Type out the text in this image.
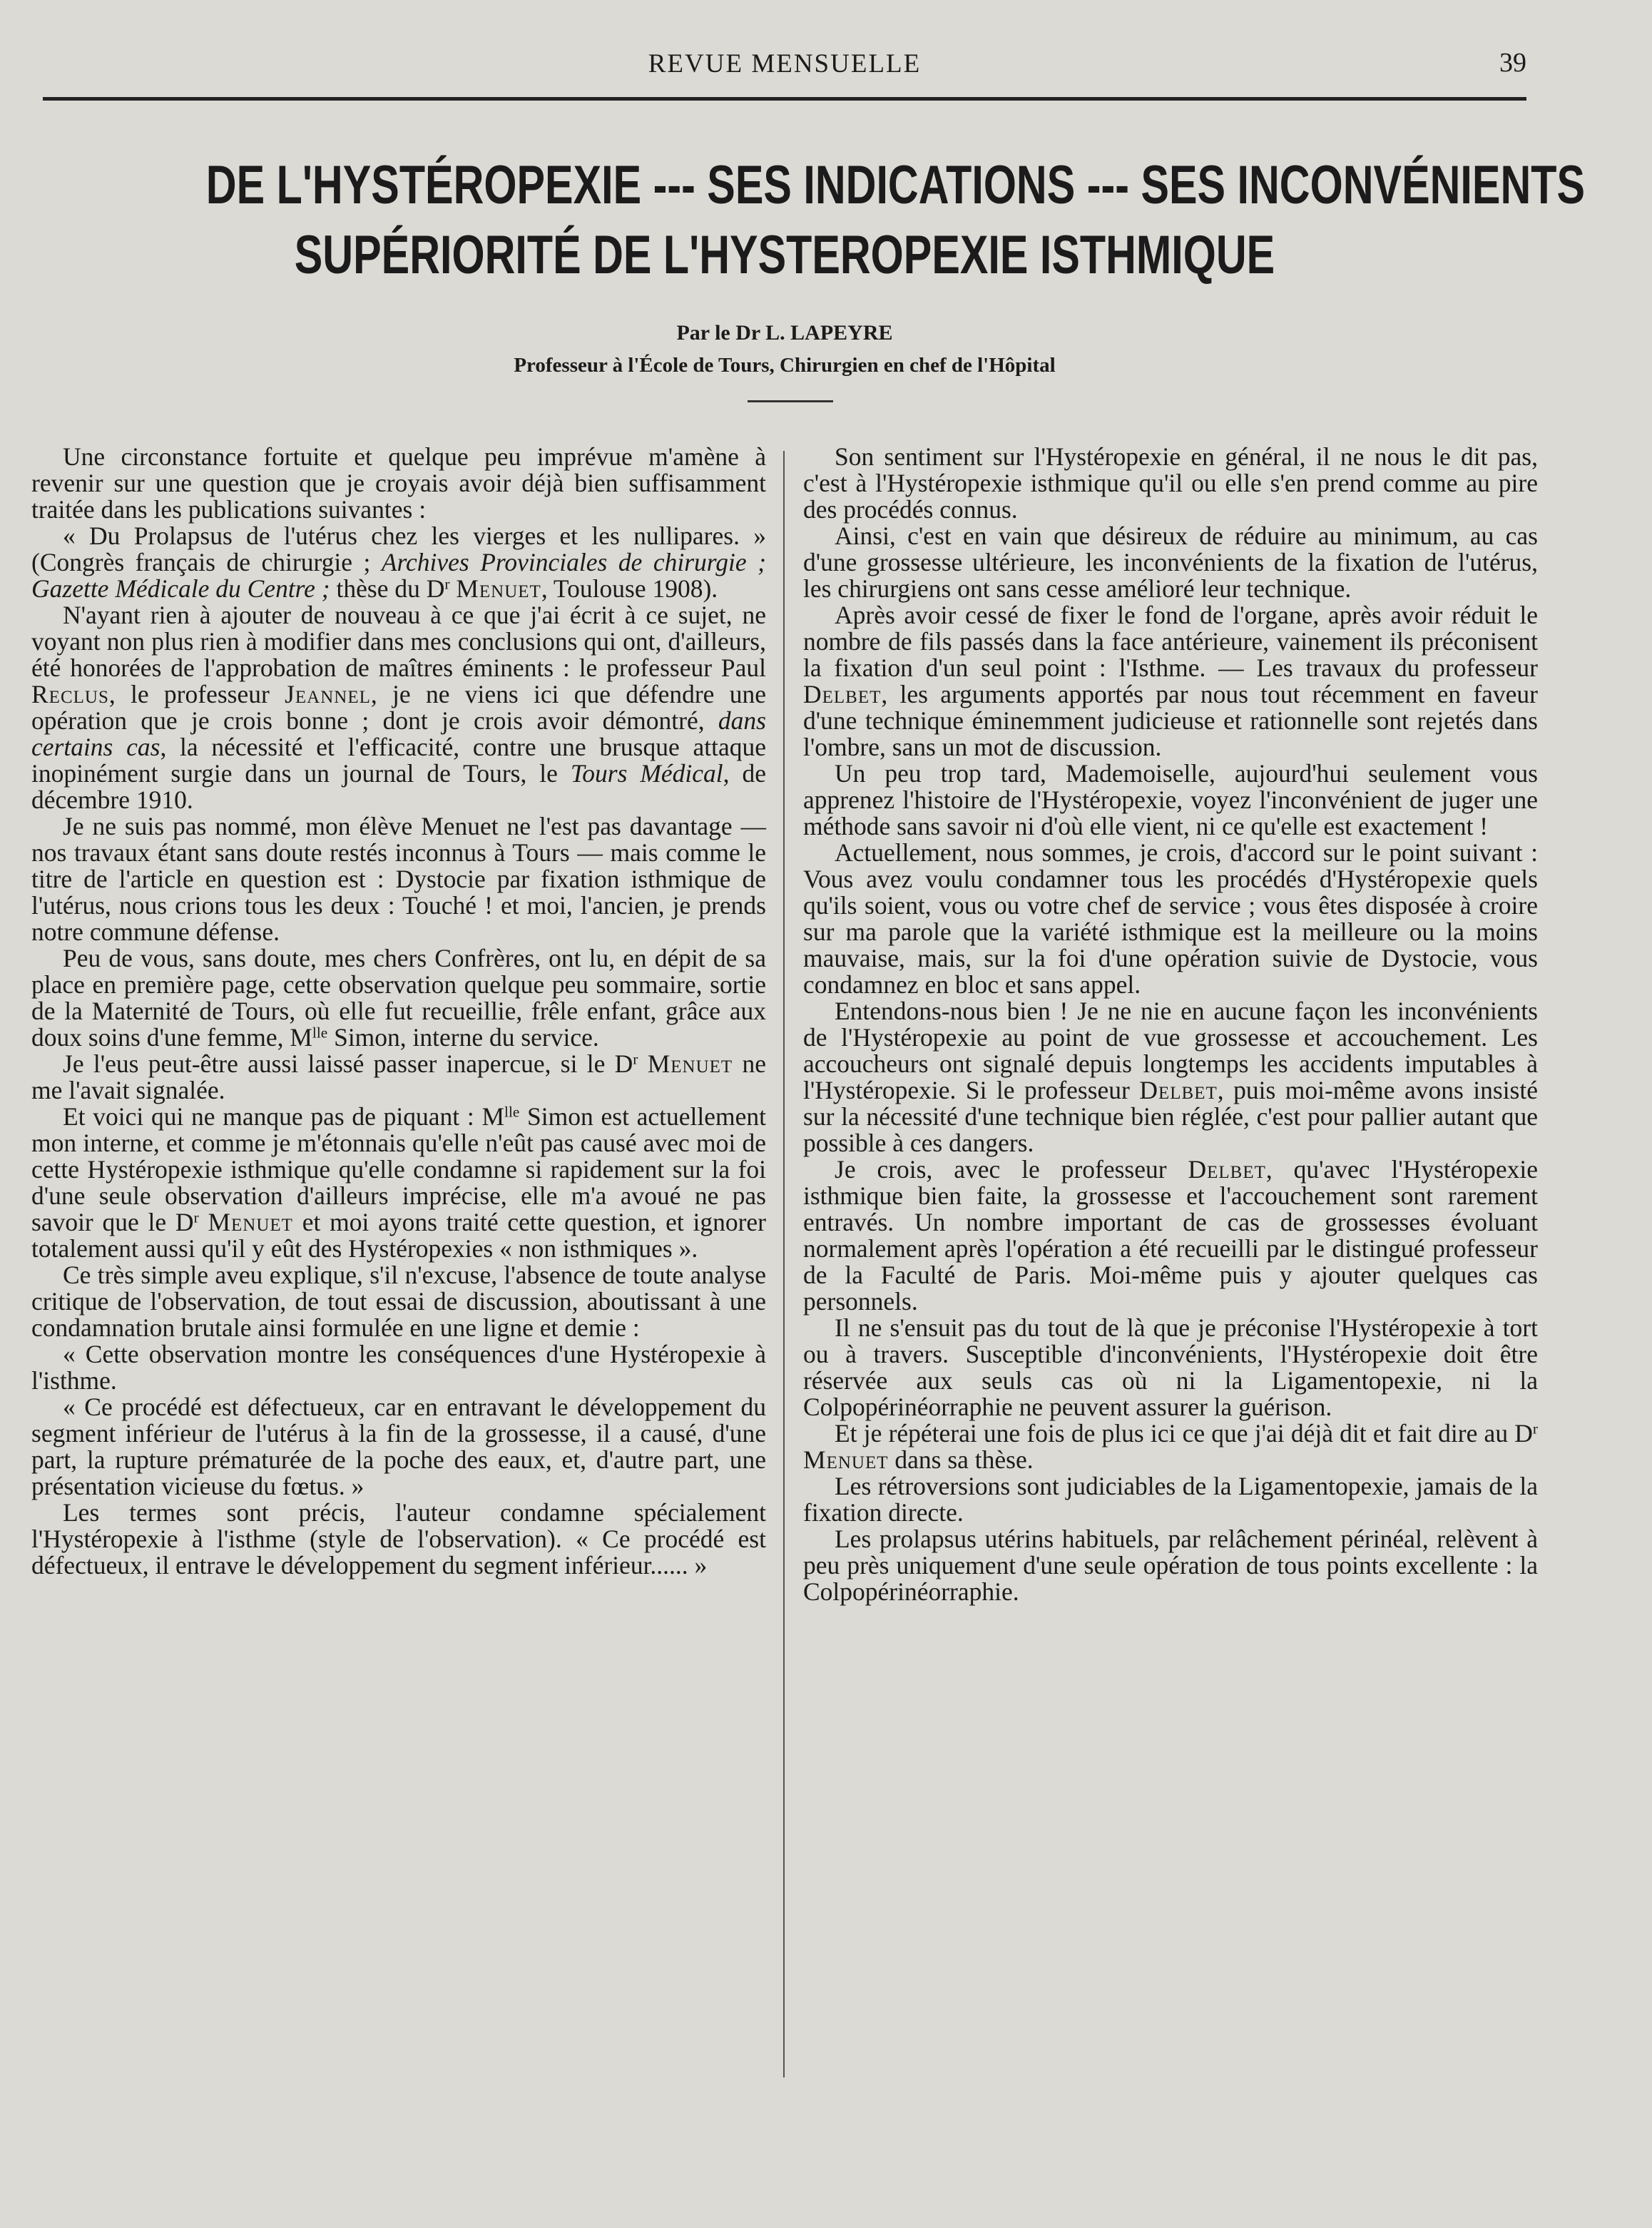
REVUE MENSUELLE	39
DE L'HYSTÉROPEXIE --- SES INDICATIONS --- SES INCONVÉNIENTS
SUPÉRIORITÉ DE L'HYSTEROPEXIE ISTHMIQUE
Par le Dr L. LAPEYRE
Professeur à l'École de Tours, Chirurgien en chef de l'Hôpital

Une circonstance fortuite et quelque peu imprévue m'amène à revenir sur une question que je croyais avoir déjà bien suffisamment traitée dans les publications suivantes :

« Du Prolapsus de l'utérus chez les vierges et les nullipares. » (Congrès français de chirurgie ; Archives Provinciales de chirurgie ; Gazette Médicale du Centre ; thèse du $D^r$ Menuet, Toulouse 1908).

N'ayant rien à ajouter de nouveau à ce que j'ai écrit à ce sujet, ne voyant non plus rien à modifier dans mes conclusions qui ont, d'ailleurs, été honorées de l'approbation de maîtres éminents : le professeur Paul Reclus, le professeur Jeannel, je ne viens ici que défendre une opération que je crois bonne ; dont je crois avoir démontré, dans certains cas, la nécessité et l'efficacité, contre une brusque attaque inopinément surgie dans un journal de Tours, le Tours Médical, de décembre 1910.

Je ne suis pas nommé, mon élève Menuet ne l'est pas davantage — nos travaux étant sans doute restés inconnus à Tours — mais comme le titre de l'article en question est : Dystocie par fixation isthmique de l'utérus, nous crions tous les deux : Touché ! et moi, l'ancien, je prends notre commune défense.

Peu de vous, sans doute, mes chers Confrères, ont lu, en dépit de sa place en première page, cette observation quelque peu sommaire, sortie de la Maternité de Tours, où elle fut recueillie, frêle enfant, grâce aux doux soins d'une femme, $M^{lle}$ Simon, interne du service.

Je l'eus peut-être aussi laissé passer inapercue, si le $D^r$ Menuet ne me l'avait signalée.

Et voici qui ne manque pas de piquant : $M^{lle}$ Simon est actuellement mon interne, et comme je m'étonnais qu'elle n'eût pas causé avec moi de cette Hystéropexie isthmique qu'elle condamne si rapidement sur la foi d'une seule observation d'ailleurs imprécise, elle m'a avoué ne pas savoir que le $D^r$ Menuet et moi ayons traité cette question, et ignorer totalement aussi qu'il y eût des Hystéropexies « non isthmiques ».

Ce très simple aveu explique, s'il n'excuse, l'absence de toute analyse critique de l'observation, de tout essai de discussion, aboutissant à une condamnation brutale ainsi formulée en une ligne et demie :

« Cette observation montre les conséquences d'une Hystéropexie à l'isthme.

« Ce procédé est défectueux, car en entravant le développement du segment inférieur de l'utérus à la fin de la grossesse, il a causé, d'une part, la rupture prématurée de la poche des eaux, et, d'autre part, une présentation vicieuse du fœtus. »

Les termes sont précis, l'auteur condamne spécialement l'Hystéropexie à l'isthme (style de l'observation). « Ce procédé est défectueux, il entrave le développement du segment inférieur...... »

Son sentiment sur l'Hystéropexie en général, il ne nous le dit pas, c'est à l'Hystéropexie isthmique qu'il ou elle s'en prend comme au pire des procédés connus.

Ainsi, c'est en vain que désireux de réduire au minimum, au cas d'une grossesse ultérieure, les inconvénients de la fixation de l'utérus, les chirurgiens ont sans cesse amélioré leur technique.

Après avoir cessé de fixer le fond de l'organe, après avoir réduit le nombre de fils passés dans la face antérieure, vainement ils préconisent la fixation d'un seul point : l'Isthme. — Les travaux du professeur Delbet, les arguments apportés par nous tout récemment en faveur d'une technique éminemment judicieuse et rationnelle sont rejetés dans l'ombre, sans un mot de discussion.

Un peu trop tard, Mademoiselle, aujourd'hui seulement vous apprenez l'histoire de l'Hystéropexie, voyez l'inconvénient de juger une méthode sans savoir ni d'où elle vient, ni ce qu'elle est exactement !

Actuellement, nous sommes, je crois, d'accord sur le point suivant : Vous avez voulu condamner tous les procédés d'Hystéropexie quels qu'ils soient, vous ou votre chef de service ; vous êtes disposée à croire sur ma parole que la variété isthmique est la meilleure ou la moins mauvaise, mais, sur la foi d'une opération suivie de Dystocie, vous condamnez en bloc et sans appel.

Entendons-nous bien ! Je ne nie en aucune façon les inconvénients de l'Hystéropexie au point de vue grossesse et accouchement. Les accoucheurs ont signalé depuis longtemps les accidents imputables à l'Hystéropexie. Si le professeur Delbet, puis moi-même avons insisté sur la nécessité d'une technique bien réglée, c'est pour pallier autant que possible à ces dangers.

Je crois, avec le professeur Delbet, qu'avec l'Hystéropexie isthmique bien faite, la grossesse et l'accouchement sont rarement entravés. Un nombre important de cas de grossesses évoluant normalement après l'opération a été recueilli par le distingué professeur de la Faculté de Paris. Moi-même puis y ajouter quelques cas personnels.

Il ne s'ensuit pas du tout de là que je préconise l'Hystéropexie à tort ou à travers. Susceptible d'inconvénients, l'Hystéropexie doit être réservée aux seuls cas où ni la Ligamentopexie, ni la Colpopérinéorraphie ne peuvent assurer la guérison.

Et je répéterai une fois de plus ici ce que j'ai déjà dit et fait dire au $D^r$ Menuet dans sa thèse.

Les rétroversions sont judiciables de la Ligamentopexie, jamais de la fixation directe.

Les prolapsus utérins habituels, par relâchement périnéal, relèvent à peu près uniquement d'une seule opération de tous points excellente : la Colpopérinéorraphie.
